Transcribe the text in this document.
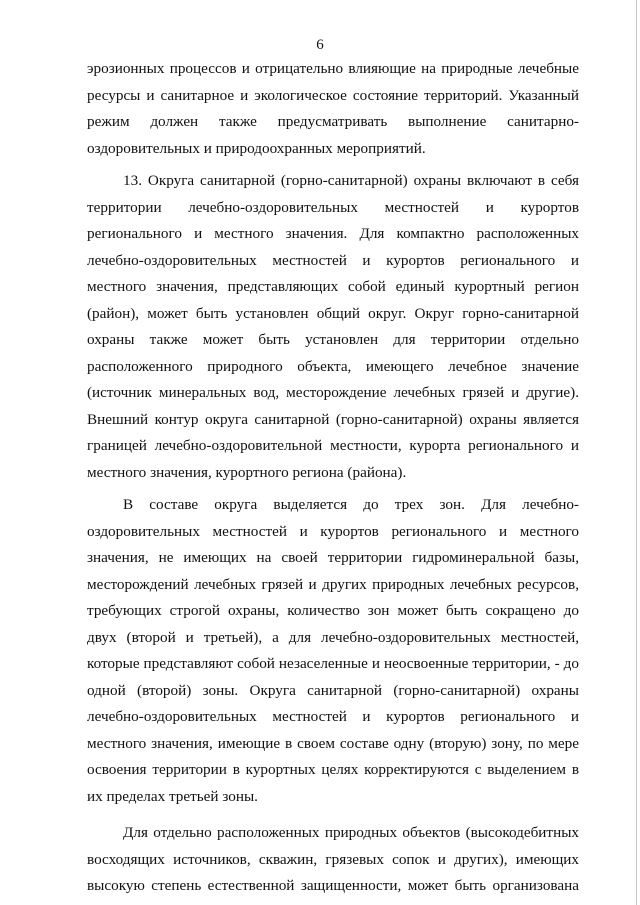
6
эрозионных процессов и отрицательно влияющие на природные лечебные
ресурсы и санитарное и экологическое состояние территорий. Указанный
режим должен также предусматривать выполнение санитарно-
оздоровительных и природоохранных мероприятий.
13. Округа санитарной (горно-санитарной) охраны включают в себя
территории лечебно-оздоровительных местностей и курортов
регионального и местного значения. Для компактно расположенных
лечебно-оздоровительных местностей и курортов регионального и
местного значения, представляющих собой единый курортный регион
(район), может быть установлен общий округ. Округ горно-санитарной
охраны также может быть установлен для территории отдельно
расположенного природного объекта, имеющего лечебное значение
(источник минеральных вод, месторождение лечебных грязей и другие).
Внешний контур округа санитарной (горно-санитарной) охраны является
границей лечебно-оздоровительной местности, курорта регионального и
местного значения, курортного региона (района).
В составе округа выделяется до трех зон. Для лечебно-
оздоровительных местностей и курортов регионального и местного
значения, не имеющих на своей территории гидроминеральной базы,
месторождений лечебных грязей и других природных лечебных ресурсов,
требующих строгой охраны, количество зон может быть сокращено до
двух (второй и третьей), а для лечебно-оздоровительных местностей,
которые представляют собой незаселенные и неосвоенные территории, - до
одной (второй) зоны. Округа санитарной (горно-санитарной) охраны
лечебно-оздоровительных местностей и курортов регионального и
местного значения, имеющие в своем составе одну (вторую) зону, по мере
освоения территории в курортных целях корректируются с выделением в
их пределах третьей зоны.
Для отдельно расположенных природных объектов (высокодебитных
восходящих источников, скважин, грязевых сопок и других), имеющих
высокую степень естественной защищенности, может быть организована
